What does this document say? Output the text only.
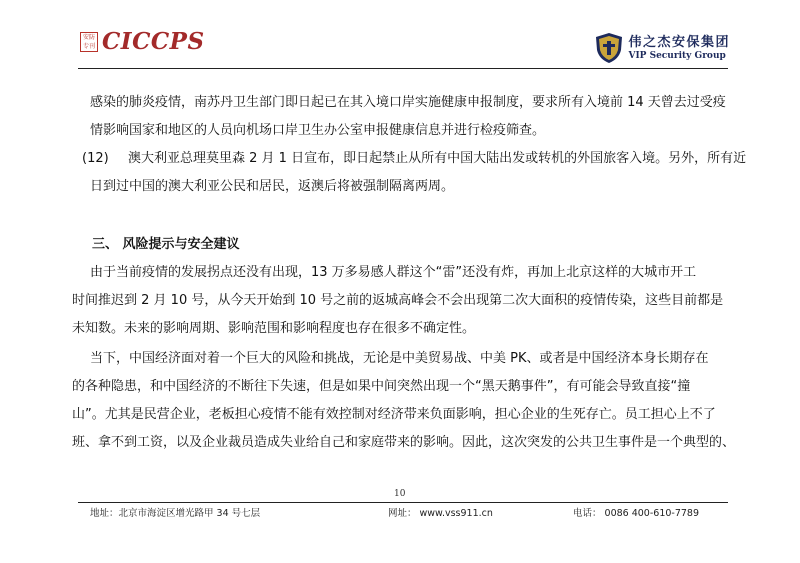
安防
专刊 CICCPS	伟之杰安保集团
VIP Security Group
感染的肺炎疫情，南苏丹卫生部门即日起已在其入境口岸实施健康申报制度，要求所有入境前 14 天曾去过受疫
情影响国家和地区的人员向机场口岸卫生办公室申报健康信息并进行检疫筛查。
(12) 澳大利亚总理莫里森 2 月 1 日宣布，即日起禁止从所有中国大陆出发或转机的外国旅客入境。另外，所有近
日到过中国的澳大利亚公民和居民，返澳后将被强制隔离两周。
三、 风险提示与安全建议
由于当前疫情的发展拐点还没有出现，13 万多易感人群这个“雷”还没有炸，再加上北京这样的大城市开工
时间推迟到 2 月 10 号，从今天开始到 10 号之前的返城高峰会不会出现第二次大面积的疫情传染，这些目前都是
未知数。未来的影响周期、影响范围和影响程度也存在很多不确定性。
当下，中国经济面对着一个巨大的风险和挑战，无论是中美贸易战、中美 PK、或者是中国经济本身长期存在
的各种隐患，和中国经济的不断往下失速，但是如果中间突然出现一个“黑天鹅事件”，有可能会导致直接“撞
山”。尤其是民营企业，老板担心疫情不能有效控制对经济带来负面影响，担心企业的生死存亡。员工担心上不了
班、拿不到工资，以及企业裁员造成失业给自己和家庭带来的影响。因此，这次突发的公共卫生事件是一个典型的、
10
地址：北京市海淀区增光路甲 34 号七层	网址： www.vss911.cn	电话： 0086 400-610-7789
